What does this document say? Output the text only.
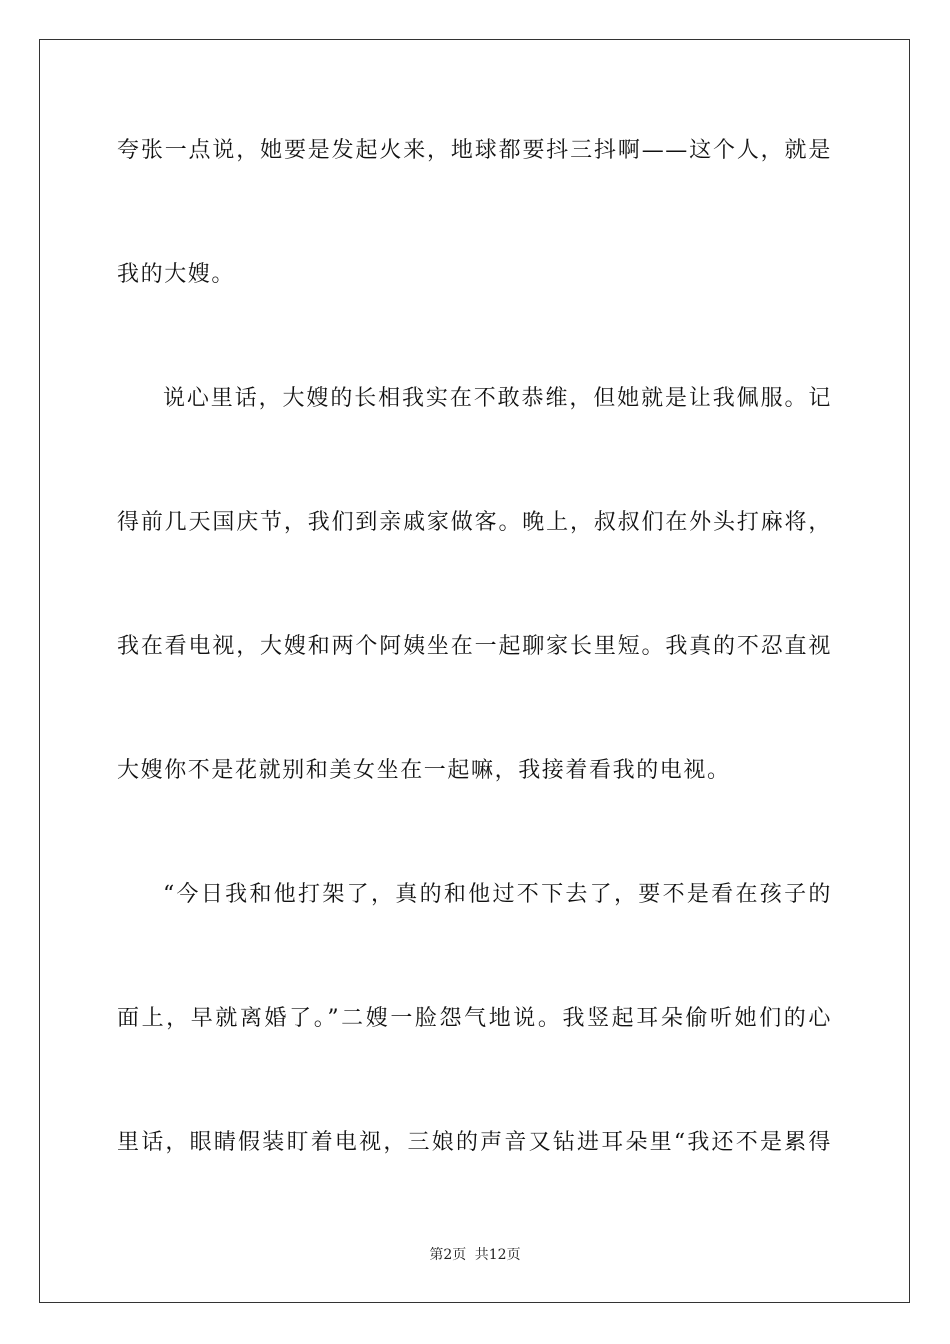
夸张一点说，她要是发起火来，地球都要抖三抖啊——这个人，就是
我的大嫂。
说心里话，大嫂的长相我实在不敢恭维，但她就是让我佩服。记
得前几天国庆节，我们到亲戚家做客。晚上，叔叔们在外头打麻将，
我在看电视，大嫂和两个阿姨坐在一起聊家长里短。我真的不忍直视
大嫂你不是花就别和美女坐在一起嘛，我接着看我的电视。
“今日我和他打架了，真的和他过不下去了，要不是看在孩子的
面上，早就离婚了。”二嫂一脸怨气地说。我竖起耳朵偷听她们的心
里话，眼睛假装盯着电视，三娘的声音又钻进耳朵里“我还不是累得
第2页 共12页
